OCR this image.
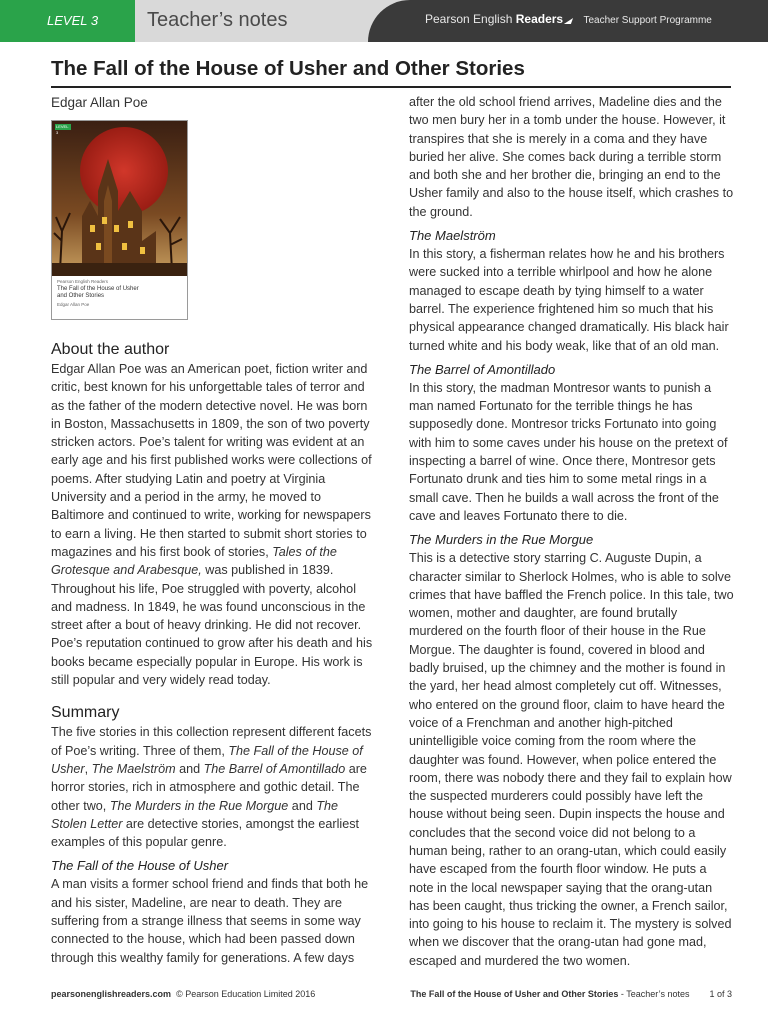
LEVEL 3 Teacher’s notes	Pearson English Readers Teacher Support Programme
The Fall of the House of Usher and Other Stories
Edgar Allan Poe
LEVEL 3
Pearson English Readers
The Fall of the House of Usher
and Other Stories
Edgar Allan Poe
About the author

Edgar Allan Poe was an American poet, fiction writer and critic, best known for his unforgettable tales of terror and as the father of the modern detective novel. He was born in Boston, Massachusetts in 1809, the son of two poverty stricken actors. Poe’s talent for writing was evident at an early age and his first published works were collections of poems. After studying Latin and poetry at Virginia University and a period in the army, he moved to Baltimore and continued to write, working for newspapers to earn a living. He then started to submit short stories to magazines and his first book of stories, Tales of the Grotesque and Arabesque, was published in 1839. Throughout his life, Poe struggled with poverty, alcohol and madness. In 1849, he was found unconscious in the street after a bout of heavy drinking. He did not recover. Poe’s reputation continued to grow after his death and his books became especially popular in Europe. His work is still popular and very widely read today.

Summary

The five stories in this collection represent different facets of Poe’s writing. Three of them, The Fall of the House of Usher, The Maelström and The Barrel of Amontillado are horror stories, rich in atmosphere and gothic detail. The other two, The Murders in the Rue Morgue and The Stolen Letter are detective stories, amongst the earliest examples of this popular genre.

The Fall of the House of Usher

A man visits a former school friend and finds that both he and his sister, Madeline, are near to death. They are suffering from a strange illness that seems in some way connected to the house, which had been passed down through this wealthy family for generations. A few days

after the old school friend arrives, Madeline dies and the two men bury her in a tomb under the house. However, it transpires that she is merely in a coma and they have buried her alive. She comes back during a terrible storm and both she and her brother die, bringing an end to the Usher family and also to the house itself, which crashes to the ground.

The Maelström

In this story, a fisherman relates how he and his brothers were sucked into a terrible whirlpool and how he alone managed to escape death by tying himself to a water barrel. The experience frightened him so much that his physical appearance changed dramatically. His black hair turned white and his body weak, like that of an old man.

The Barrel of Amontillado

In this story, the madman Montresor wants to punish a man named Fortunato for the terrible things he has supposedly done. Montresor tricks Fortunato into going with him to some caves under his house on the pretext of inspecting a barrel of wine. Once there, Montresor gets Fortunato drunk and ties him to some metal rings in a small cave. Then he builds a wall across the front of the cave and leaves Fortunato there to die.

The Murders in the Rue Morgue

This is a detective story starring C. Auguste Dupin, a character similar to Sherlock Holmes, who is able to solve crimes that have baffled the French police. In this tale, two women, mother and daughter, are found brutally murdered on the fourth floor of their house in the Rue Morgue. The daughter is found, covered in blood and badly bruised, up the chimney and the mother is found in the yard, her head almost completely cut off. Witnesses, who entered on the ground floor, claim to have heard the voice of a Frenchman and another high-pitched unintelligible voice coming from the room where the daughter was found. However, when police entered the room, there was nobody there and they fail to explain how the suspected murderers could possibly have left the house without being seen. Dupin inspects the house and concludes that the second voice did not belong to a human being, rather to an orang-utan, which could easily have escaped from the fourth floor window. He puts a note in the local newspaper saying that the orang-utan has been caught, thus tricking the owner, a French sailor, into going to his house to reclaim it. The mystery is solved when we discover that the orang-utan had gone mad, escaped and murdered the two women.

pearsonenglishreaders.com © Pearson Education Limited 2016	The Fall of the House of Usher and Other Stories - Teacher’s notes 1 of 3
